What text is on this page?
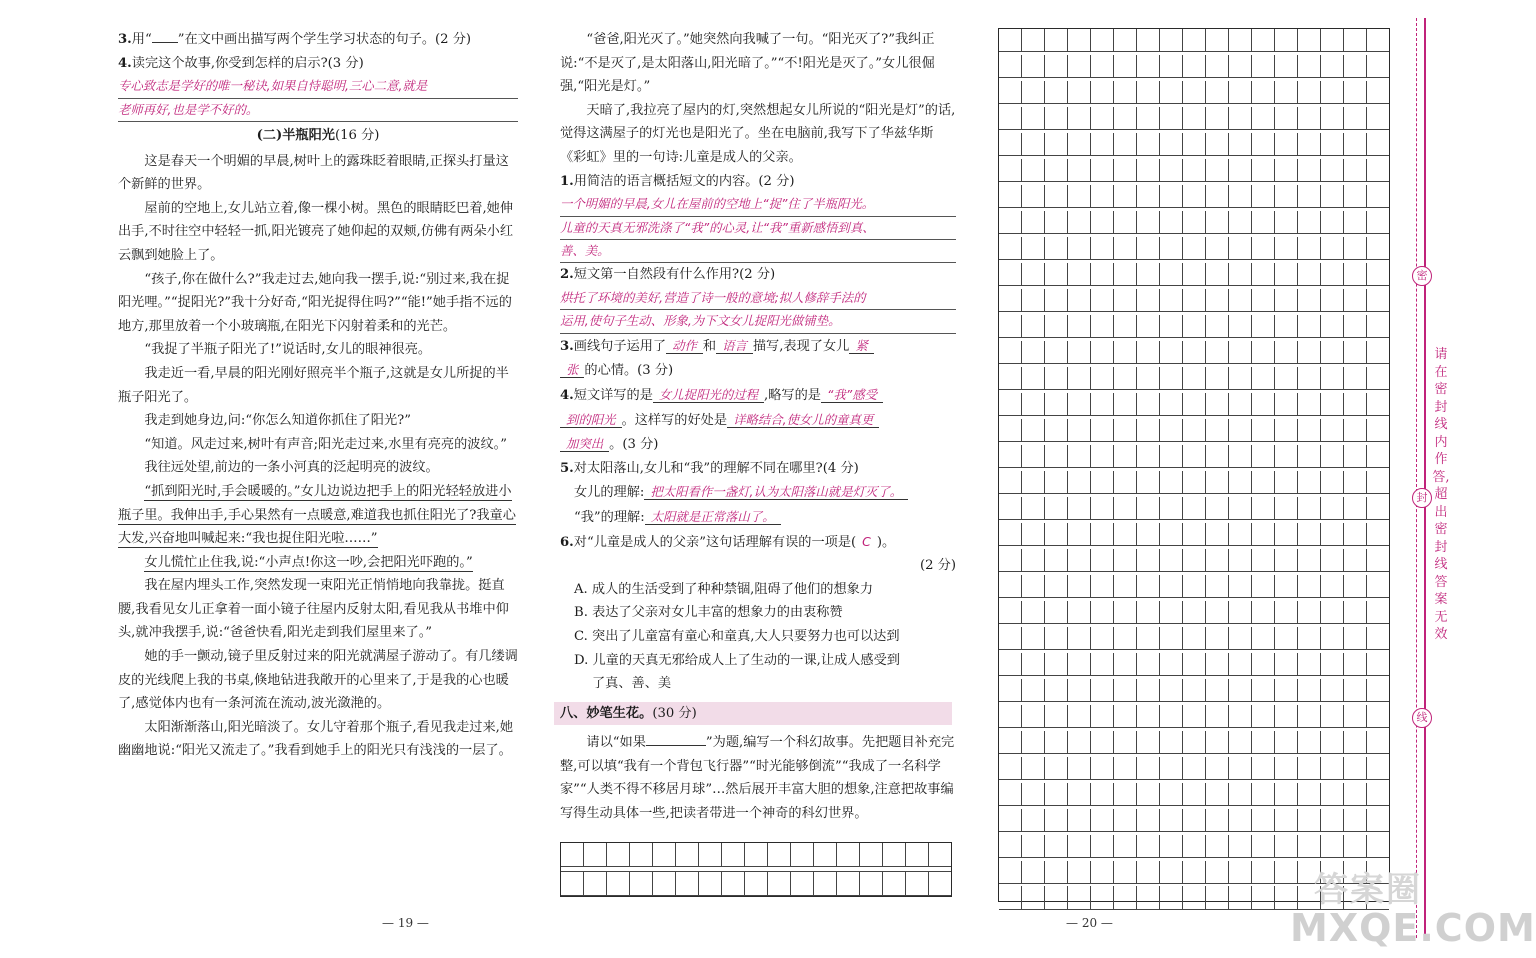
3.用“ ”在文中画出描写两个学生学习状态的句子。(2 分)

4.读完这个故事,你受到怎样的启示?(3 分)

专心致志是学好的唯一秘诀,如果自恃聪明,三心二意,就是
老师再好,也是学不好的。

(二)半瓶阳光(16 分)

这是春天一个明媚的早晨,树叶上的露珠眨着眼睛,正探头打量这个新鲜的世界。

屋前的空地上,女儿站立着,像一棵小树。黑色的眼睛眨巴着,她伸出手,不时往空中轻轻一抓,阳光镀亮了她仰起的双颊,仿佛有两朵小红云飘到她脸上了。

“孩子,你在做什么?”我走过去,她向我一摆手,说:“别过来,我在捉阳光哩。”“捉阳光?”我十分好奇,“阳光捉得住吗?”“能!”她手指不远的地方,那里放着一个小玻璃瓶,在阳光下闪射着柔和的光芒。

“我捉了半瓶子阳光了!”说话时,女儿的眼神很亮。

我走近一看,早晨的阳光刚好照亮半个瓶子,这就是女儿所捉的半瓶子阳光了。

我走到她身边,问:“你怎么知道你抓住了阳光?”

“知道。风走过来,树叶有声音;阳光走过来,水里有亮亮的波纹。”

我往远处望,前边的一条小河真的泛起明亮的波纹。

“抓到阳光时,手会暖暖的。”女儿边说边把手上的阳光轻轻放进小瓶子里。我伸出手,手心果然有一点暖意,难道我也抓住阳光了?我童心大发,兴奋地叫喊起来:“我也捉住阳光啦……”

女儿慌忙止住我,说:“小声点!你这一吵,会把阳光吓跑的。”

我在屋内埋头工作,突然发现一束阳光正悄悄地向我靠拢。挺直腰,我看见女儿正拿着一面小镜子往屋内反射太阳,看见我从书堆中仰头,就冲我摆手,说:“爸爸快看,阳光走到我们屋里来了。”

她的手一颤动,镜子里反射过来的阳光就满屋子游动了。有几缕调皮的光线爬上我的书桌,倏地钻进我敞开的心里来了,于是我的心也暖了,感觉体内也有一条河流在流动,波光潋滟的。

太阳渐渐落山,阳光暗淡了。女儿守着那个瓶子,看见我走过来,她幽幽地说:“阳光又流走了。”我看到她手上的阳光只有浅浅的一层了。

— 19 —

“爸爸,阳光灭了。”她突然向我喊了一句。“阳光灭了?”我纠正说:“不是灭了,是太阳落山,阳光暗了。”“不!阳光是灭了。”女儿很倔强,“阳光是灯。”

天暗了,我拉亮了屋内的灯,突然想起女儿所说的“阳光是灯”的话,觉得这满屋子的灯光也是阳光了。坐在电脑前,我写下了华兹华斯《彩虹》里的一句诗:儿童是成人的父亲。

1.用简洁的语言概括短文的内容。(2 分)

一个明媚的早晨,女儿在屋前的空地上“捉”住了半瓶阳光。
儿童的天真无邪洗涤了“我”的心灵,让“我”重新感悟到真、
善、美。

2.短文第一自然段有什么作用?(2 分)

烘托了环境的美好,营造了诗一般的意境;拟人修辞手法的
运用,使句子生动、形象,为下文女儿捉阳光做铺垫。

3.画线句子运用了 动作 和 语言 描写,表现了女儿 紧

张 的心情。(3 分)

4.短文详写的是 女儿捉阳光的过程 ,略写的是 “我”感受

到的阳光 。这样写的好处是 详略结合,使女儿的童真更

加突出 。(3 分)

5.对太阳落山,女儿和“我”的理解不同在哪里?(4 分)

女儿的理解: 把太阳看作一盏灯,认为太阳落山就是灯灭了。

“我”的理解: 太阳就是正常落山了。

6.对“儿童是成人的父亲”这句话理解有误的一项是( C )。

(2 分)

A. 成人的生活受到了种种禁锢,阻碍了他们的想象力

B. 表达了父亲对女儿丰富的想象力的由衷称赞

C. 突出了儿童富有童心和童真,大人只要努力也可以达到

D. 儿童的天真无邪给成人上了生动的一课,让成人感受到

了真、善、美

八、妙笔生花。(30 分)

请以“如果	”为题,编写一个科幻故事。先把题目补充完整,可以填“我有一个背包飞行器”“时光能够倒流”“我成了一名科学家”“人类不得不移居月球”…然后展开丰富大胆的想象,注意把故事编写得生动具体一些,把读者带进一个神奇的科幻世界。

— 20 —
密
封
线
请在密封线内作答,超出密封线答案无效
答案圈
MXQE.COM
